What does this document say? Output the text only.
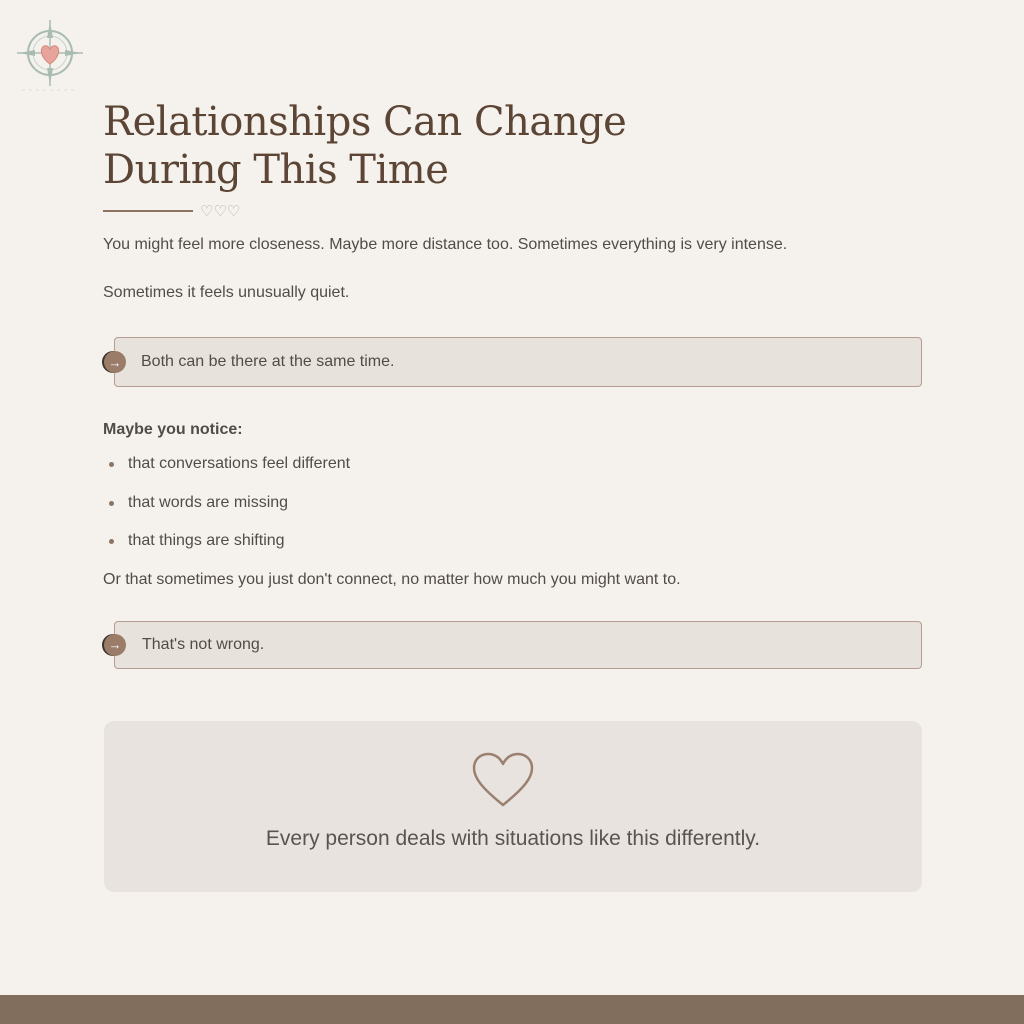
Relationships Can Change During This Time
♡♡♡

You might feel more closeness. Maybe more distance too. Sometimes everything is very intense.

Sometimes it feels unusually quiet.

→ Both can be there at the same time.

Maybe you notice:

that conversations feel different
that words are missing
that things are shifting

Or that sometimes you just don't connect, no matter how much you might want to.

→ That's not wrong.

Every person deals with situations like this differently.
